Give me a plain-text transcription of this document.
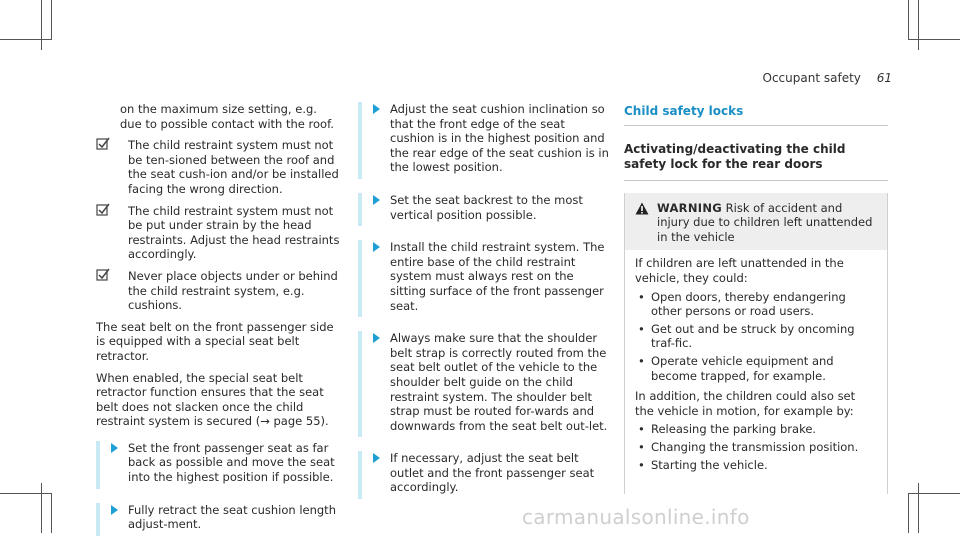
Occupant safety 61

on the maximum size setting, e.g. due to possible contact with the roof.

The child restraint system must not be ten-sioned between the roof and the seat cush-ion and/or be installed facing the wrong direction.
The child restraint system must not be put under strain by the head restraints. Adjust the head restraints accordingly.
Never place objects under or behind the child restraint system, e.g. cushions.

The seat belt on the front passenger side is equipped with a special seat belt retractor.

When enabled, the special seat belt retractor function ensures that the seat belt does not slacken once the child restraint system is secured (→ page 55).

Set the front passenger seat as far back as possible and move the seat into the highest position if possible.
Fully retract the seat cushion length adjust-ment.
Adjust the seat cushion inclination so that the front edge of the seat cushion is in the highest position and the rear edge of the seat cushion is in the lowest position.
Set the seat backrest to the most vertical position possible.
Install the child restraint system. The entire base of the child restraint system must always rest on the sitting surface of the front passenger seat.
Always make sure that the shoulder belt strap is correctly routed from the seat belt outlet of the vehicle to the shoulder belt guide on the child restraint system. The shoulder belt strap must be routed for-wards and downwards from the seat belt out-let.
If necessary, adjust the seat belt outlet and the front passenger seat accordingly.
Child safety locks
Activating/deactivating the child safety lock for the rear doors
WARNING Risk of accident and injury due to children left unattended in the vehicle

If children are left unattended in the vehicle, they could:

• Open doors, thereby endangering other persons or road users.
• Get out and be struck by oncoming traf-fic.
• Operate vehicle equipment and become trapped, for example.

In addition, the children could also set the vehicle in motion, for example by:

• Releasing the parking brake.
• Changing the transmission position.
• Starting the vehicle.
carmanualsonline.info
